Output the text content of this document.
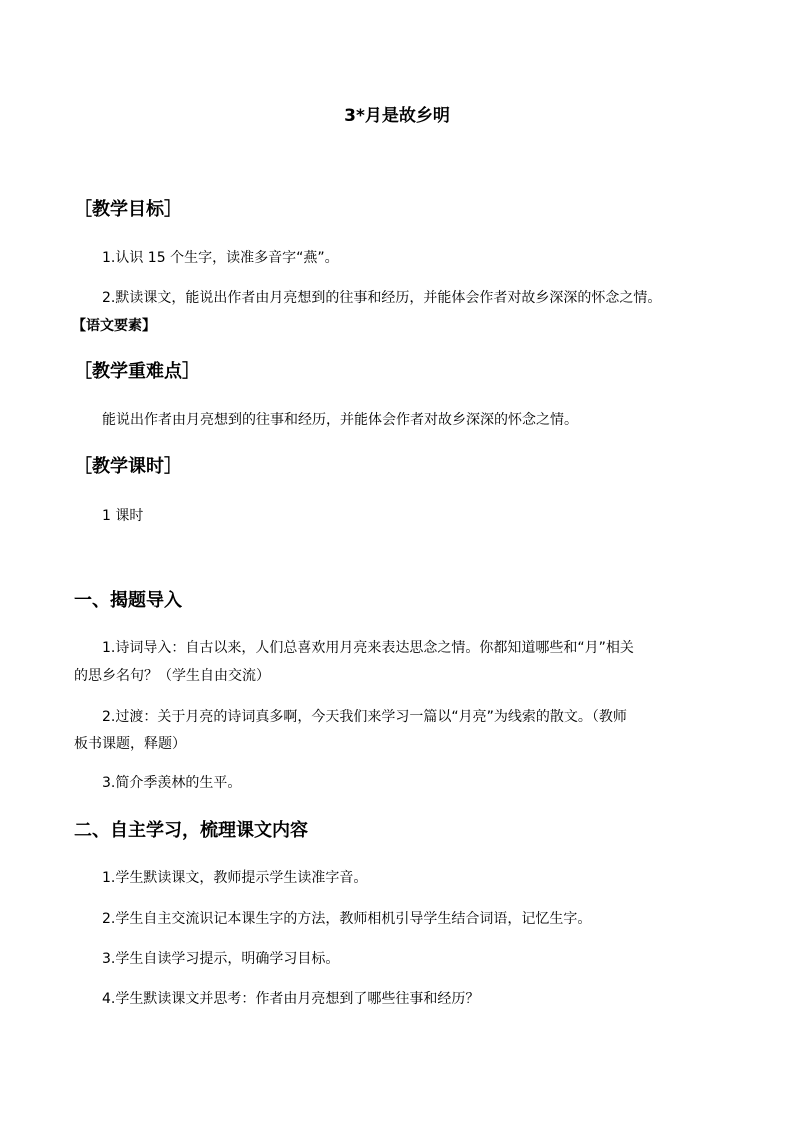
3*月是故乡明
［教学目标］
1.认识 15 个生字，读准多音字“燕”。
2.默读课文，能说出作者由月亮想到的往事和经历，并能体会作者对故乡深深的怀念之情。
【语文要素】
［教学重难点］
能说出作者由月亮想到的往事和经历，并能体会作者对故乡深深的怀念之情。
［教学课时］
1 课时
一、揭题导入
1.诗词导入：自古以来，人们总喜欢用月亮来表达思念之情。你都知道哪些和“月”相关
的思乡名句？（学生自由交流）
2.过渡：关于月亮的诗词真多啊，今天我们来学习一篇以“月亮”为线索的散文。（教师
板书课题，释题）
3.简介季羡林的生平。
二、自主学习，梳理课文内容
1.学生默读课文，教师提示学生读准字音。
2.学生自主交流识记本课生字的方法，教师相机引导学生结合词语，记忆生字。
3.学生自读学习提示，明确学习目标。
4.学生默读课文并思考：作者由月亮想到了哪些往事和经历？
